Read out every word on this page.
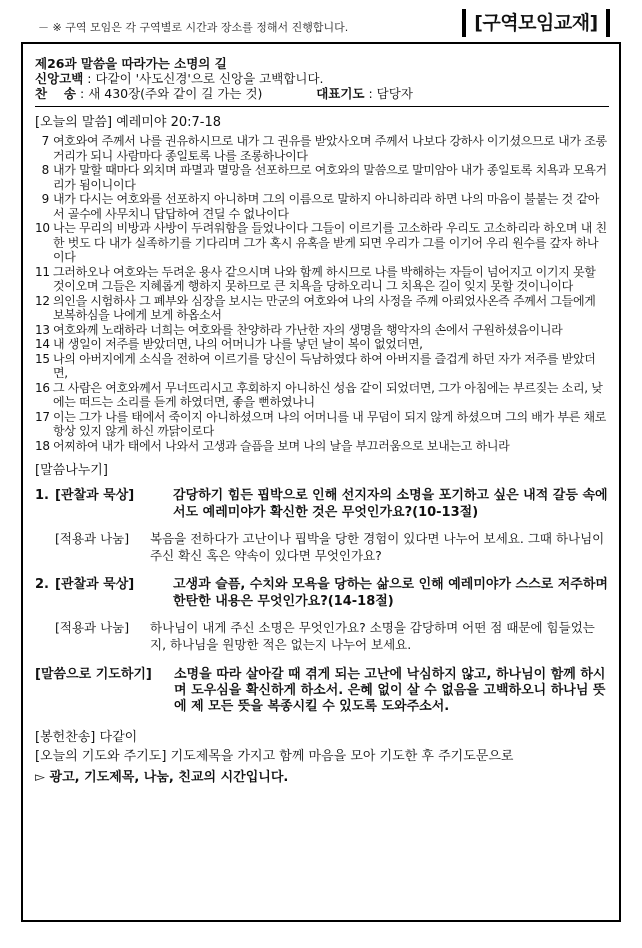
－ ※ 구역 모임은 각 구역별로 시간과 장소를 정해서 진행합니다.	[구역모임교재]
제26과 말씀을 따라가는 소명의 길
신앙고백 : 다같이 '사도신경'으로 신앙을 고백합니다.
찬　 송 : 새 430장(주와 같이 길 가는 것)	대표기도 : 담당자
[오늘의 말씀] 예레미야 20:7-18
7 여호와여 주께서 나를 권유하시므로 내가 그 권유를 받았사오며 주께서 나보다 강하사 이기셨으므로 내가 조롱거리가 되니 사람마다 종일토록 나를 조롱하나이다
8 내가 말할 때마다 외치며 파멸과 멸망을 선포하므로 여호와의 말씀으로 말미암아 내가 종일토록 치욕과 모욕거리가 됨이니이다
9 내가 다시는 여호와를 선포하지 아니하며 그의 이름으로 말하지 아니하리라 하면 나의 마음이 불붙는 것 같아서 골수에 사무치니 답답하여 견딜 수 없나이다
10 나는 무리의 비방과 사방이 두려워함을 들었나이다 그들이 이르기를 고소하라 우리도 고소하리라 하오며 내 친한 벗도 다 내가 실족하기를 기다리며 그가 혹시 유혹을 받게 되면 우리가 그를 이기어 우리 원수를 갚자 하나이다
11 그러하오나 여호와는 두려운 용사 같으시며 나와 함께 하시므로 나를 박해하는 자들이 넘어지고 이기지 못할 것이오며 그들은 지혜롭게 행하지 못하므로 큰 치욕을 당하오리니 그 치욕은 길이 잊지 못할 것이니이다
12 의인을 시험하사 그 폐부와 심장을 보시는 만군의 여호와여 나의 사정을 주께 아뢰었사온즉 주께서 그들에게 보복하심을 나에게 보게 하옵소서
13 여호와께 노래하라 너희는 여호와를 찬양하라 가난한 자의 생명을 행악자의 손에서 구원하셨음이니라
14 내 생일이 저주를 받았더면, 나의 어머니가 나를 낳던 날이 복이 없었더면,
15 나의 아버지에게 소식을 전하여 이르기를 당신이 득남하였다 하여 아버지를 즐겁게 하던 자가 저주를 받았더면,
16 그 사람은 여호와께서 무너뜨리시고 후회하지 아니하신 성읍 같이 되었더면, 그가 아침에는 부르짖는 소리, 낮에는 떠드는 소리를 듣게 하였더면, 좋을 뻔하였나니
17 이는 그가 나를 태에서 죽이지 아니하셨으며 나의 어머니를 내 무덤이 되지 않게 하셨으며 그의 배가 부른 채로 항상 있지 않게 하신 까닭이로다
18 어찌하여 내가 태에서 나와서 고생과 슬픔을 보며 나의 날을 부끄러움으로 보내는고 하니라
[말씀나누기]
1. [관찰과 묵상]	감당하기 힘든 핍박으로 인해 선지자의 소명을 포기하고 싶은 내적 갈등 속에서도 예레미야가 확신한 것은 무엇인가요?(10-13절)
[적용과 나눔]	복음을 전하다가 고난이나 핍박을 당한 경험이 있다면 나누어 보세요. 그때 하나님이 주신 확신 혹은 약속이 있다면 무엇인가요?
2. [관찰과 묵상]	고생과 슬픔, 수치와 모욕을 당하는 삶으로 인해 예레미야가 스스로 저주하며 한탄한 내용은 무엇인가요?(14-18절)
[적용과 나눔]	하나님이 내게 주신 소명은 무엇인가요? 소명을 감당하며 어떤 점 때문에 힘들었는지, 하나님을 원망한 적은 없는지 나누어 보세요.
[말씀으로 기도하기]	소명을 따라 살아갈 때 겪게 되는 고난에 낙심하지 않고, 하나님이 함께 하시며 도우심을 확신하게 하소서. 은혜 없이 살 수 없음을 고백하오니 하나님 뜻에 제 모든 뜻을 복종시킬 수 있도록 도와주소서.
[봉헌찬송] 다같이
[오늘의 기도와 주기도] 기도제목을 가지고 함께 마음을 모아 기도한 후 주기도문으로
▻ 광고, 기도제목, 나눔, 친교의 시간입니다.
